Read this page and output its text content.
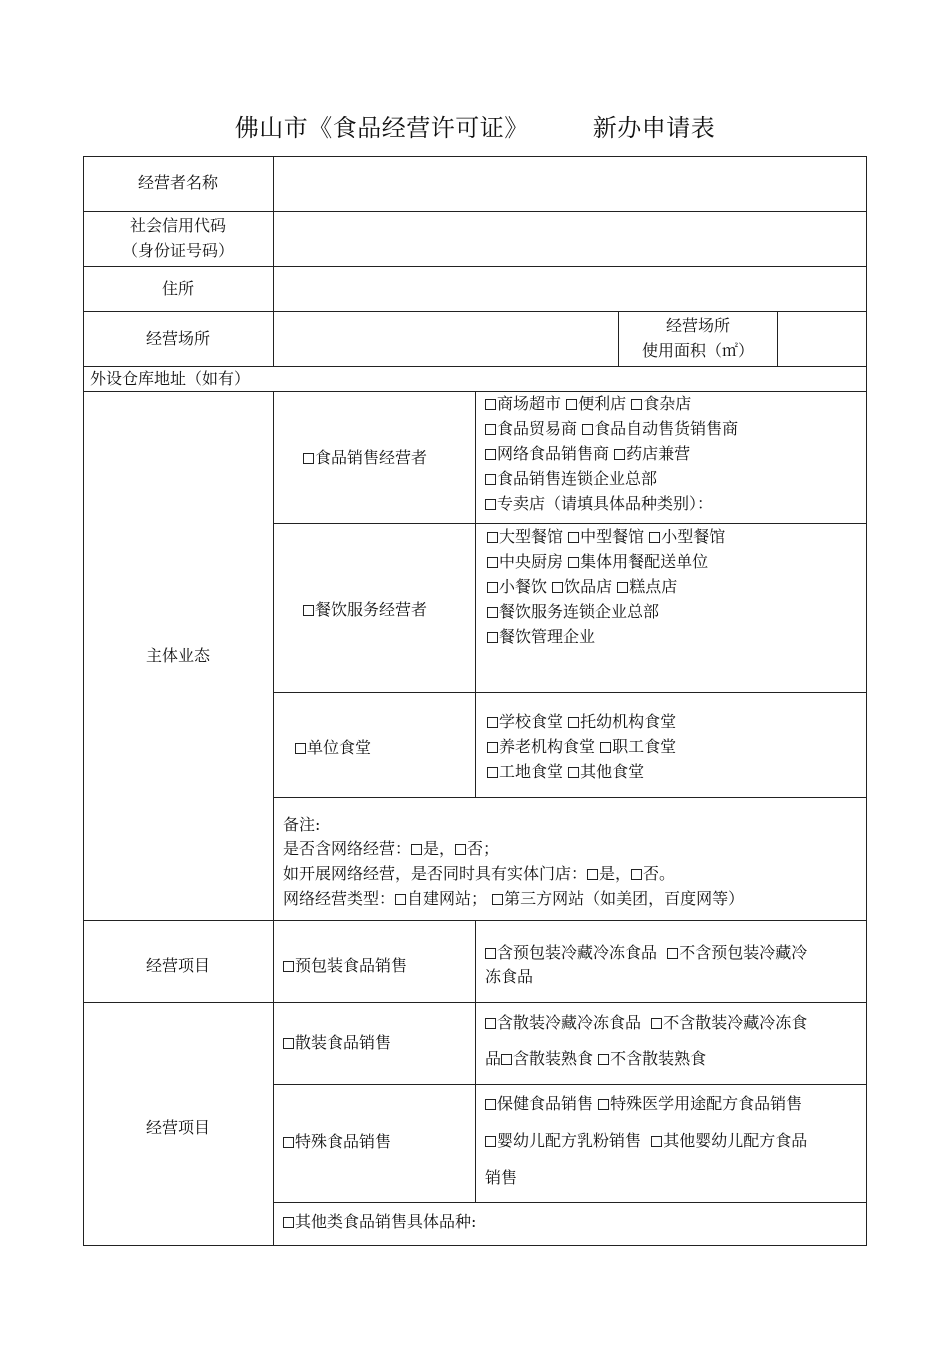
佛山市《食品经营许可证》	新办申请表
经营者名称
社会信用代码
（身份证号码）
住所
经营场所
经营场所
使用面积（㎡）
外设仓库地址（如有）
主体业态
食品销售经营者
商场超市 便利店 食杂店
食品贸易商 食品自动售货销售商
网络食品销售商 药店兼营
食品销售连锁企业总部
专卖店（请填具体品种类别）：
餐饮服务经营者
大型餐馆 中型餐馆 小型餐馆
中央厨房 集体用餐配送单位
小餐饮 饮品店 糕点店
餐饮服务连锁企业总部
餐饮管理企业
单位食堂
学校食堂 托幼机构食堂
养老机构食堂 职工食堂
工地食堂 其他食堂
备注:
是否含网络经营： 是， 否；
如开展网络经营，是否同时具有实体门店： 是， 否。
网络经营类型： 自建网站； 第三方网站（如美团，百度网等）
经营项目	预包装食品销售
含预包装冷藏冷冻食品 不含预包装冷藏冷
冻食品
经营项目
散装食品销售
含散装冷藏冷冻食品 不含散装冷藏冷冻食
品 含散装熟食 不含散装熟食
特殊食品销售
保健食品销售 特殊医学用途配方食品销售
婴幼儿配方乳粉销售 其他婴幼儿配方食品
销售
其他类食品销售具体品种:
